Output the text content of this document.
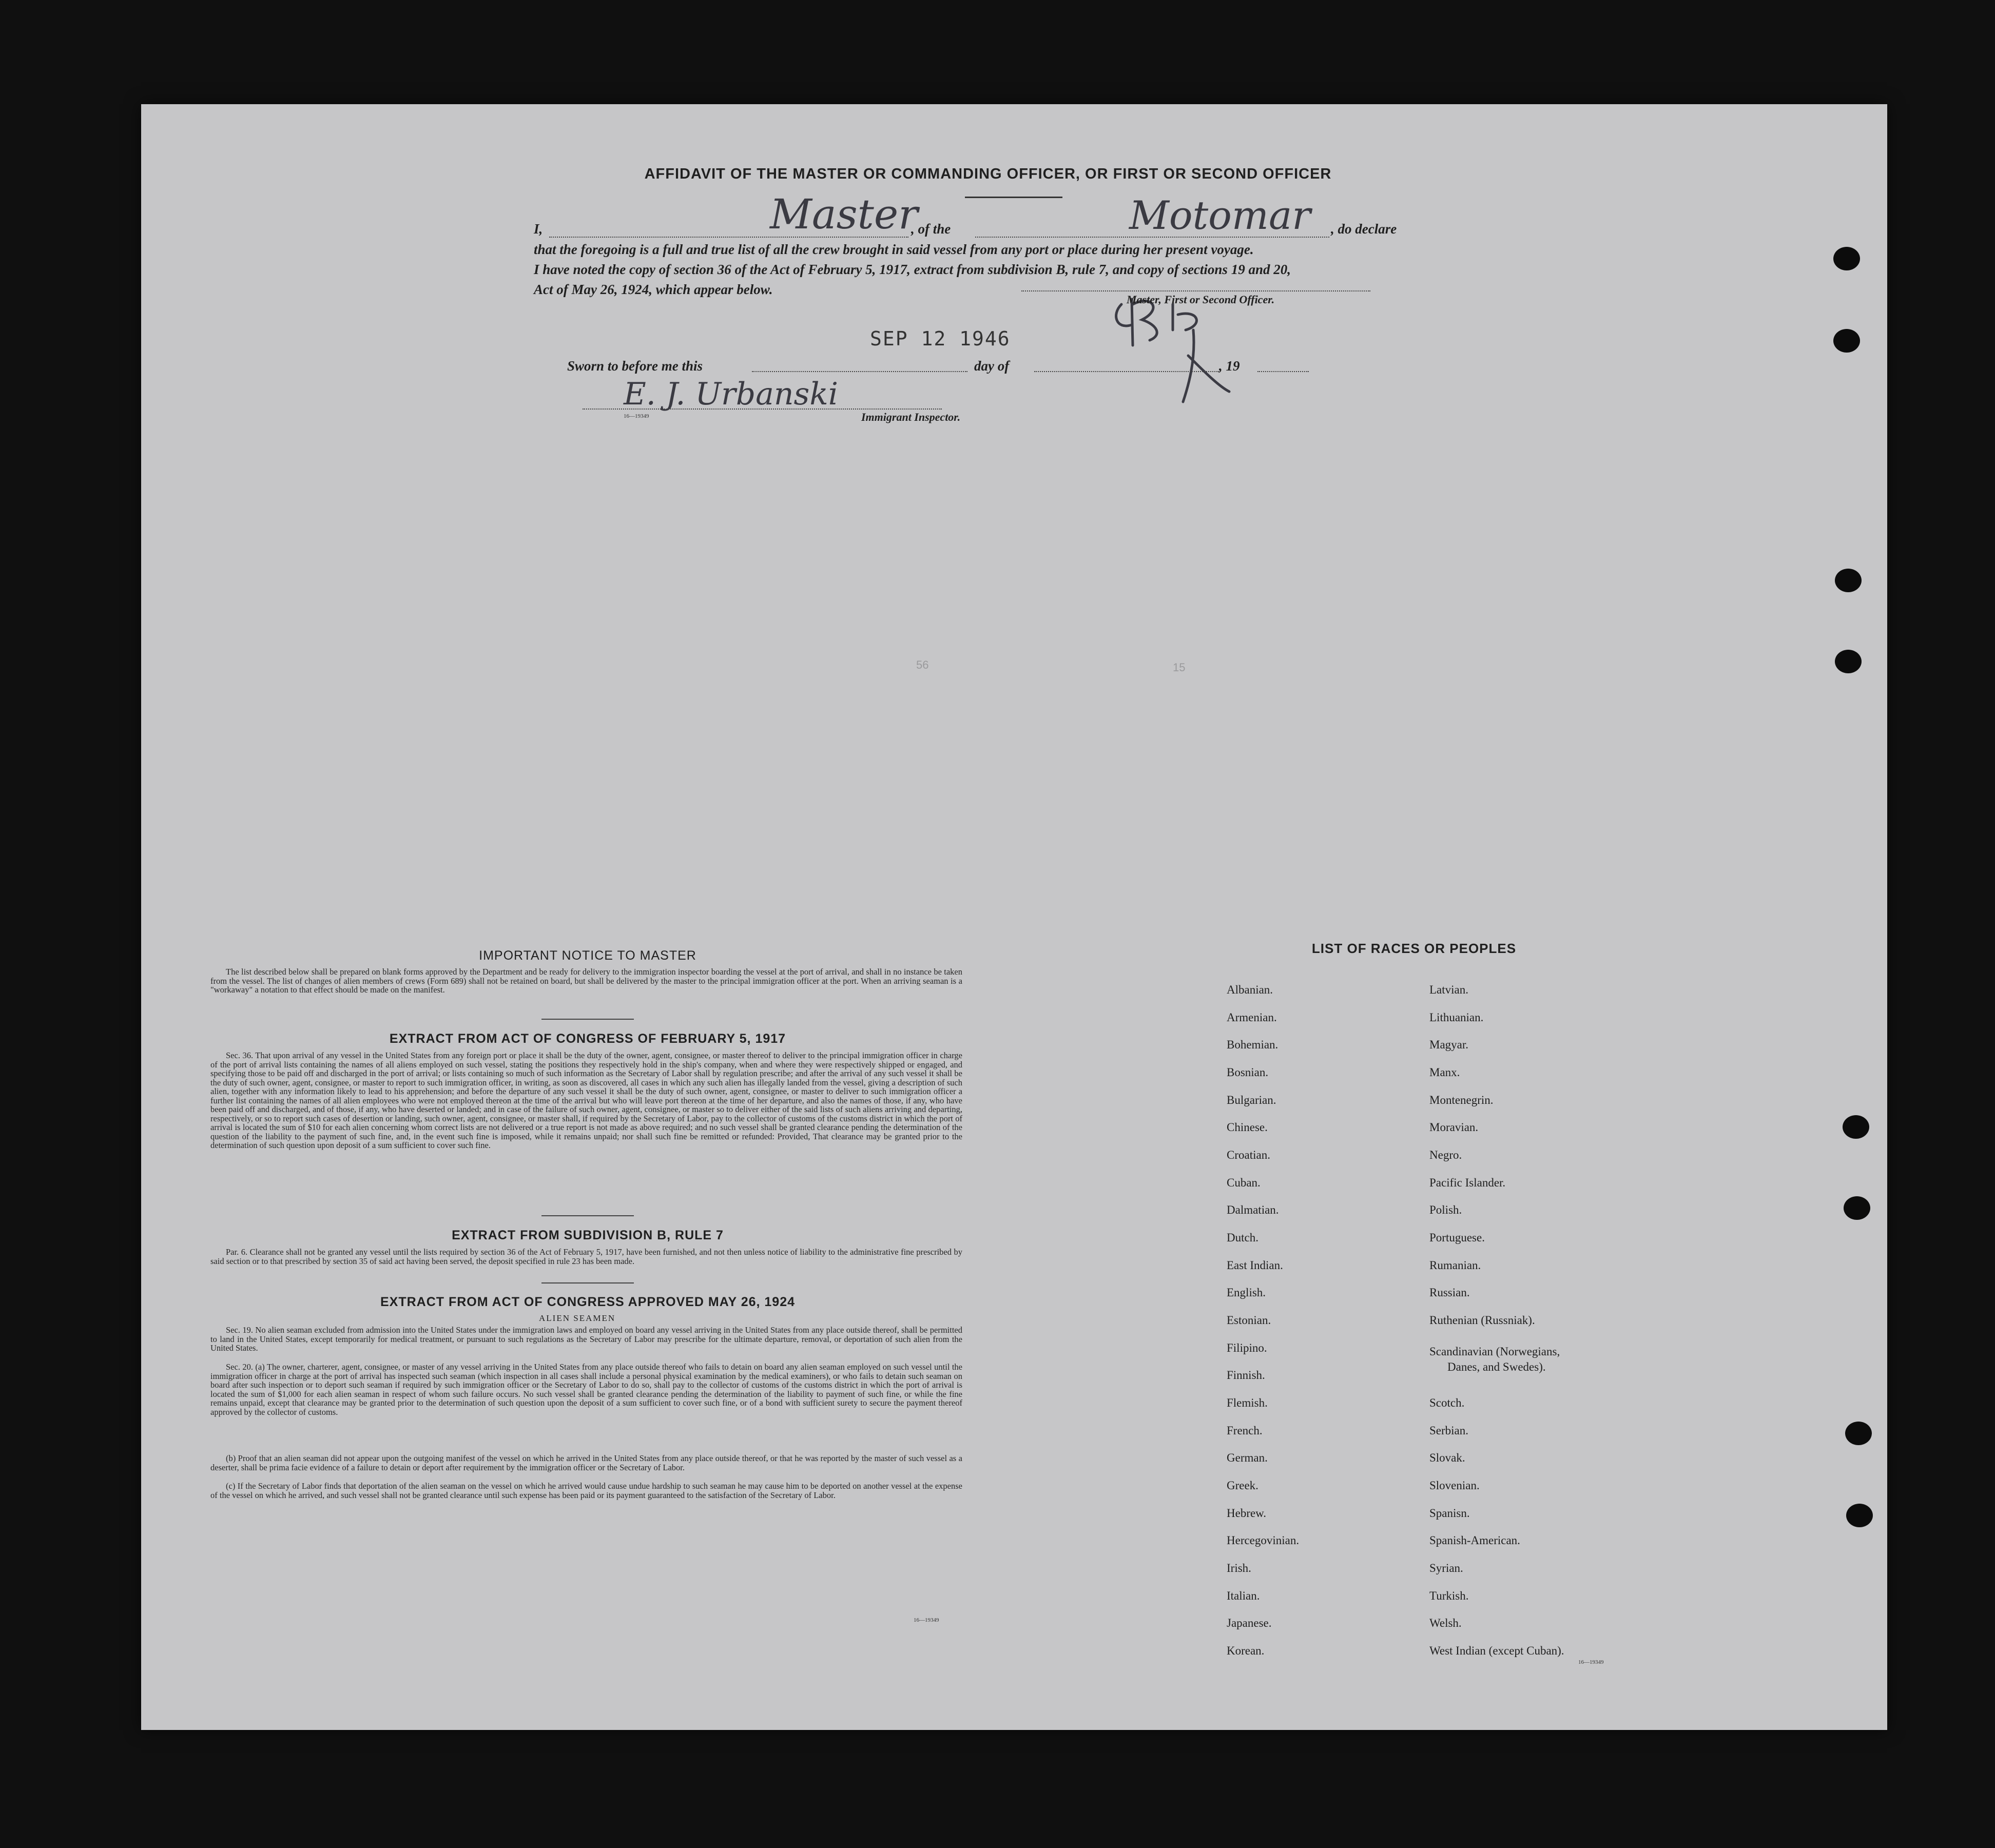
AFFIDAVIT OF THE MASTER OR COMMANDING OFFICER, OR FIRST OR SECOND OFFICER
I,	Master
, of the	Motomar , do declare
that the foregoing is a full and true list of all the crew brought in said vessel from any port or place during her present voyage.
I have noted the copy of section 36 of the Act of February 5, 1917, extract from subdivision B, rule 7, and copy of sections 19 and 20,
Act of May 26, 1924, which appear below.
Master, First or Second Officer.
SEP 12 1946
Sworn to before me this	day of	, 19
E. J. Urbanski
16—19349	Immigrant Inspector.
56	15
IMPORTANT NOTICE TO MASTER
The list described below shall be prepared on blank forms approved by the Department and be ready for delivery to the immigration inspector boarding the vessel at the port of arrival, and shall in no instance be taken from the vessel. The list of changes of alien members of crews (Form 689) shall not be retained on board, but shall be delivered by the master to the principal immigration officer at the port. When an arriving seaman is a "workaway" a notation to that effect should be made on the manifest.
EXTRACT FROM ACT OF CONGRESS OF FEBRUARY 5, 1917
Sec. 36. That upon arrival of any vessel in the United States from any foreign port or place it shall be the duty of the owner, agent, consignee, or master thereof to deliver to the principal immigration officer in charge of the port of arrival lists containing the names of all aliens employed on such vessel, stating the positions they respectively hold in the ship's company, when and where they were respectively shipped or engaged, and specifying those to be paid off and discharged in the port of arrival; or lists containing so much of such information as the Secretary of Labor shall by regulation prescribe; and after the arrival of any such vessel it shall be the duty of such owner, agent, consignee, or master to report to such immigration officer, in writing, as soon as discovered, all cases in which any such alien has illegally landed from the vessel, giving a description of such alien, together with any information likely to lead to his apprehension; and before the departure of any such vessel it shall be the duty of such owner, agent, consignee, or master to deliver to such immigration officer a further list containing the names of all alien employees who were not employed thereon at the time of the arrival but who will leave port thereon at the time of her departure, and also the names of those, if any, who have been paid off and discharged, and of those, if any, who have deserted or landed; and in case of the failure of such owner, agent, consignee, or master so to deliver either of the said lists of such aliens arriving and departing, respectively, or so to report such cases of desertion or landing, such owner, agent, consignee, or master shall, if required by the Secretary of Labor, pay to the collector of customs of the customs district in which the port of arrival is located the sum of $10 for each alien concerning whom correct lists are not delivered or a true report is not made as above required; and no such vessel shall be granted clearance pending the determination of the question of the liability to the payment of such fine, and, in the event such fine is imposed, while it remains unpaid; nor shall such fine be remitted or refunded: Provided, That clearance may be granted prior to the determination of such question upon deposit of a sum sufficient to cover such fine.
EXTRACT FROM SUBDIVISION B, RULE 7
Par. 6. Clearance shall not be granted any vessel until the lists required by section 36 of the Act of February 5, 1917, have been furnished, and not then unless notice of liability to the administrative fine prescribed by said section or to that prescribed by section 35 of said act having been served, the deposit specified in rule 23 has been made.
EXTRACT FROM ACT OF CONGRESS APPROVED MAY 26, 1924
ALIEN SEAMEN
Sec. 19. No alien seaman excluded from admission into the United States under the immigration laws and employed on board any vessel arriving in the United States from any place outside thereof, shall be permitted to land in the United States, except temporarily for medical treatment, or pursuant to such regulations as the Secretary of Labor may prescribe for the ultimate departure, removal, or deportation of such alien from the United States.
Sec. 20. (a) The owner, charterer, agent, consignee, or master of any vessel arriving in the United States from any place outside thereof who fails to detain on board any alien seaman employed on such vessel until the immigration officer in charge at the port of arrival has inspected such seaman (which inspection in all cases shall include a personal physical examination by the medical examiners), or who fails to detain such seaman on board after such inspection or to deport such seaman if required by such immigration officer or the Secretary of Labor to do so, shall pay to the collector of customs of the customs district in which the port of arrival is located the sum of $1,000 for each alien seaman in respect of whom such failure occurs. No such vessel shall be granted clearance pending the determination of the liability to payment of such fine, or while the fine remains unpaid, except that clearance may be granted prior to the determination of such question upon the deposit of a sum sufficient to cover such fine, or of a bond with sufficient surety to secure the payment thereof approved by the collector of customs.
(b) Proof that an alien seaman did not appear upon the outgoing manifest of the vessel on which he arrived in the United States from any place outside thereof, or that he was reported by the master of such vessel as a deserter, shall be prima facie evidence of a failure to detain or deport after requirement by the immigration officer or the Secretary of Labor.
(c) If the Secretary of Labor finds that deportation of the alien seaman on the vessel on which he arrived would cause undue hardship to such seaman he may cause him to be deported on another vessel at the expense of the vessel on which he arrived, and such vessel shall not be granted clearance until such expense has been paid or its payment guaranteed to the satisfaction of the Secretary of Labor.
16—19349
LIST OF RACES OR PEOPLES
Albanian.
Armenian.
Bohemian.
Bosnian.
Bulgarian.
Chinese.
Croatian.
Cuban.
Dalmatian.
Dutch.
East Indian.
English.
Estonian.
Filipino.
Finnish.
Flemish.
French.
German.
Greek.
Hebrew.
Hercegovinian.
Irish.
Italian.
Japanese.
Korean.
Latvian.
Lithuanian.
Magyar.
Manx.
Montenegrin.
Moravian.
Negro.
Pacific Islander.
Polish.
Portuguese.
Rumanian.
Russian.
Ruthenian (Russniak).
Scandinavian (Norwegians,
Danes, and Swedes).
Scotch.
Serbian.
Slovak.
Slovenian.
Spanisn.
Spanish-American.
Syrian.
Turkish.
Welsh.
West Indian (except Cuban).
16—19349
